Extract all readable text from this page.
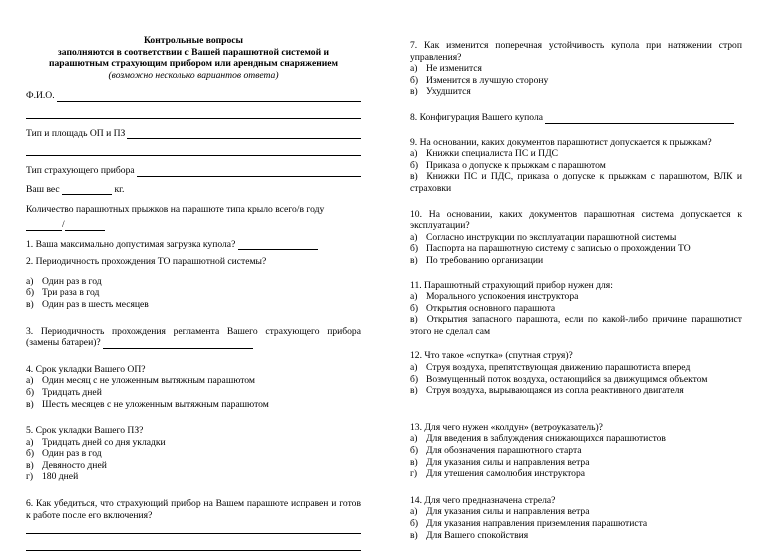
Контрольные вопросы
заполняются в соответствии с Вашей парашютной системой и
парашютным страхующим прибором или арендным снаряжением
(возможно несколько вариантов ответа)
Ф.И.О.
Тип и площадь ОП и ПЗ
Тип страхующего прибора
Ваш вес	кг.
Количество парашютных прыжков на парашюте типа крыло всего/в году
/
1. Ваша максимально допустимая загрузка купола?
2. Периодичность прохождения ТО парашютной системы?
а) Один раз в год
б) Три раза в год
в) Один раз в шесть месяцев
3. Периодичность прохождения регламента Вашего страхующего прибора (замены батареи)?
4. Срок укладки Вашего ОП?
а) Один месяц с не уложенным вытяжным парашютом
б) Тридцать дней
в) Шесть месяцев с не уложенным вытяжным парашютом
5. Срок укладки Вашего ПЗ?
а) Тридцать дней со дня укладки
б) Один раз в год
в) Девяносто дней
г) 180 дней
6. Как убедиться, что страхующий прибор на Вашем парашюте исправен и готов к работе после его включения?
7. Как изменится поперечная устойчивость купола при натяжении строп управления?
а) Не изменится
б) Изменится в лучшую сторону
в) Ухудшится
8. Конфигурация Вашего купола
9. На основании, каких документов парашютист допускается к прыжкам?
а) Книжки специалиста ПС и ПДС
б) Приказа о допуске к прыжкам с парашютом
в) Книжки ПС и ПДС, приказа о допуске к прыжкам с парашютом, ВЛК и страховки
10. На основании, каких документов парашютная система допускается к эксплуатации?
а) Согласно инструкции по эксплуатации парашютной системы
б) Паспорта на парашютную систему с записью о прохождении ТО
в) По требованию организации
11. Парашютный страхующий прибор нужен для:
а) Морального успокоения инструктора
б) Открытия основного парашюта
в) Открытия запасного парашюта, если по какой-либо причине парашютист этого не сделал сам
12. Что такое «спутка» (спутная струя)?
а) Струя воздуха, препятствующая движению парашютиста вперед
б) Возмущенный поток воздуха, остающийся за движущимся объектом
в) Струя воздуха, вырывающаяся из сопла реактивного двигателя
13. Для чего нужен «колдун» (ветроуказатель)?
а) Для введения в заблуждения снижающихся парашютистов
б) Для обозначения парашютного старта
в) Для указания силы и направления ветра
г) Для утешения самолюбия инструктора
14. Для чего предназначена стрела?
а) Для указания силы и направления ветра
б) Для указания направления приземления парашютиста
в) Для Вашего спокойствия
